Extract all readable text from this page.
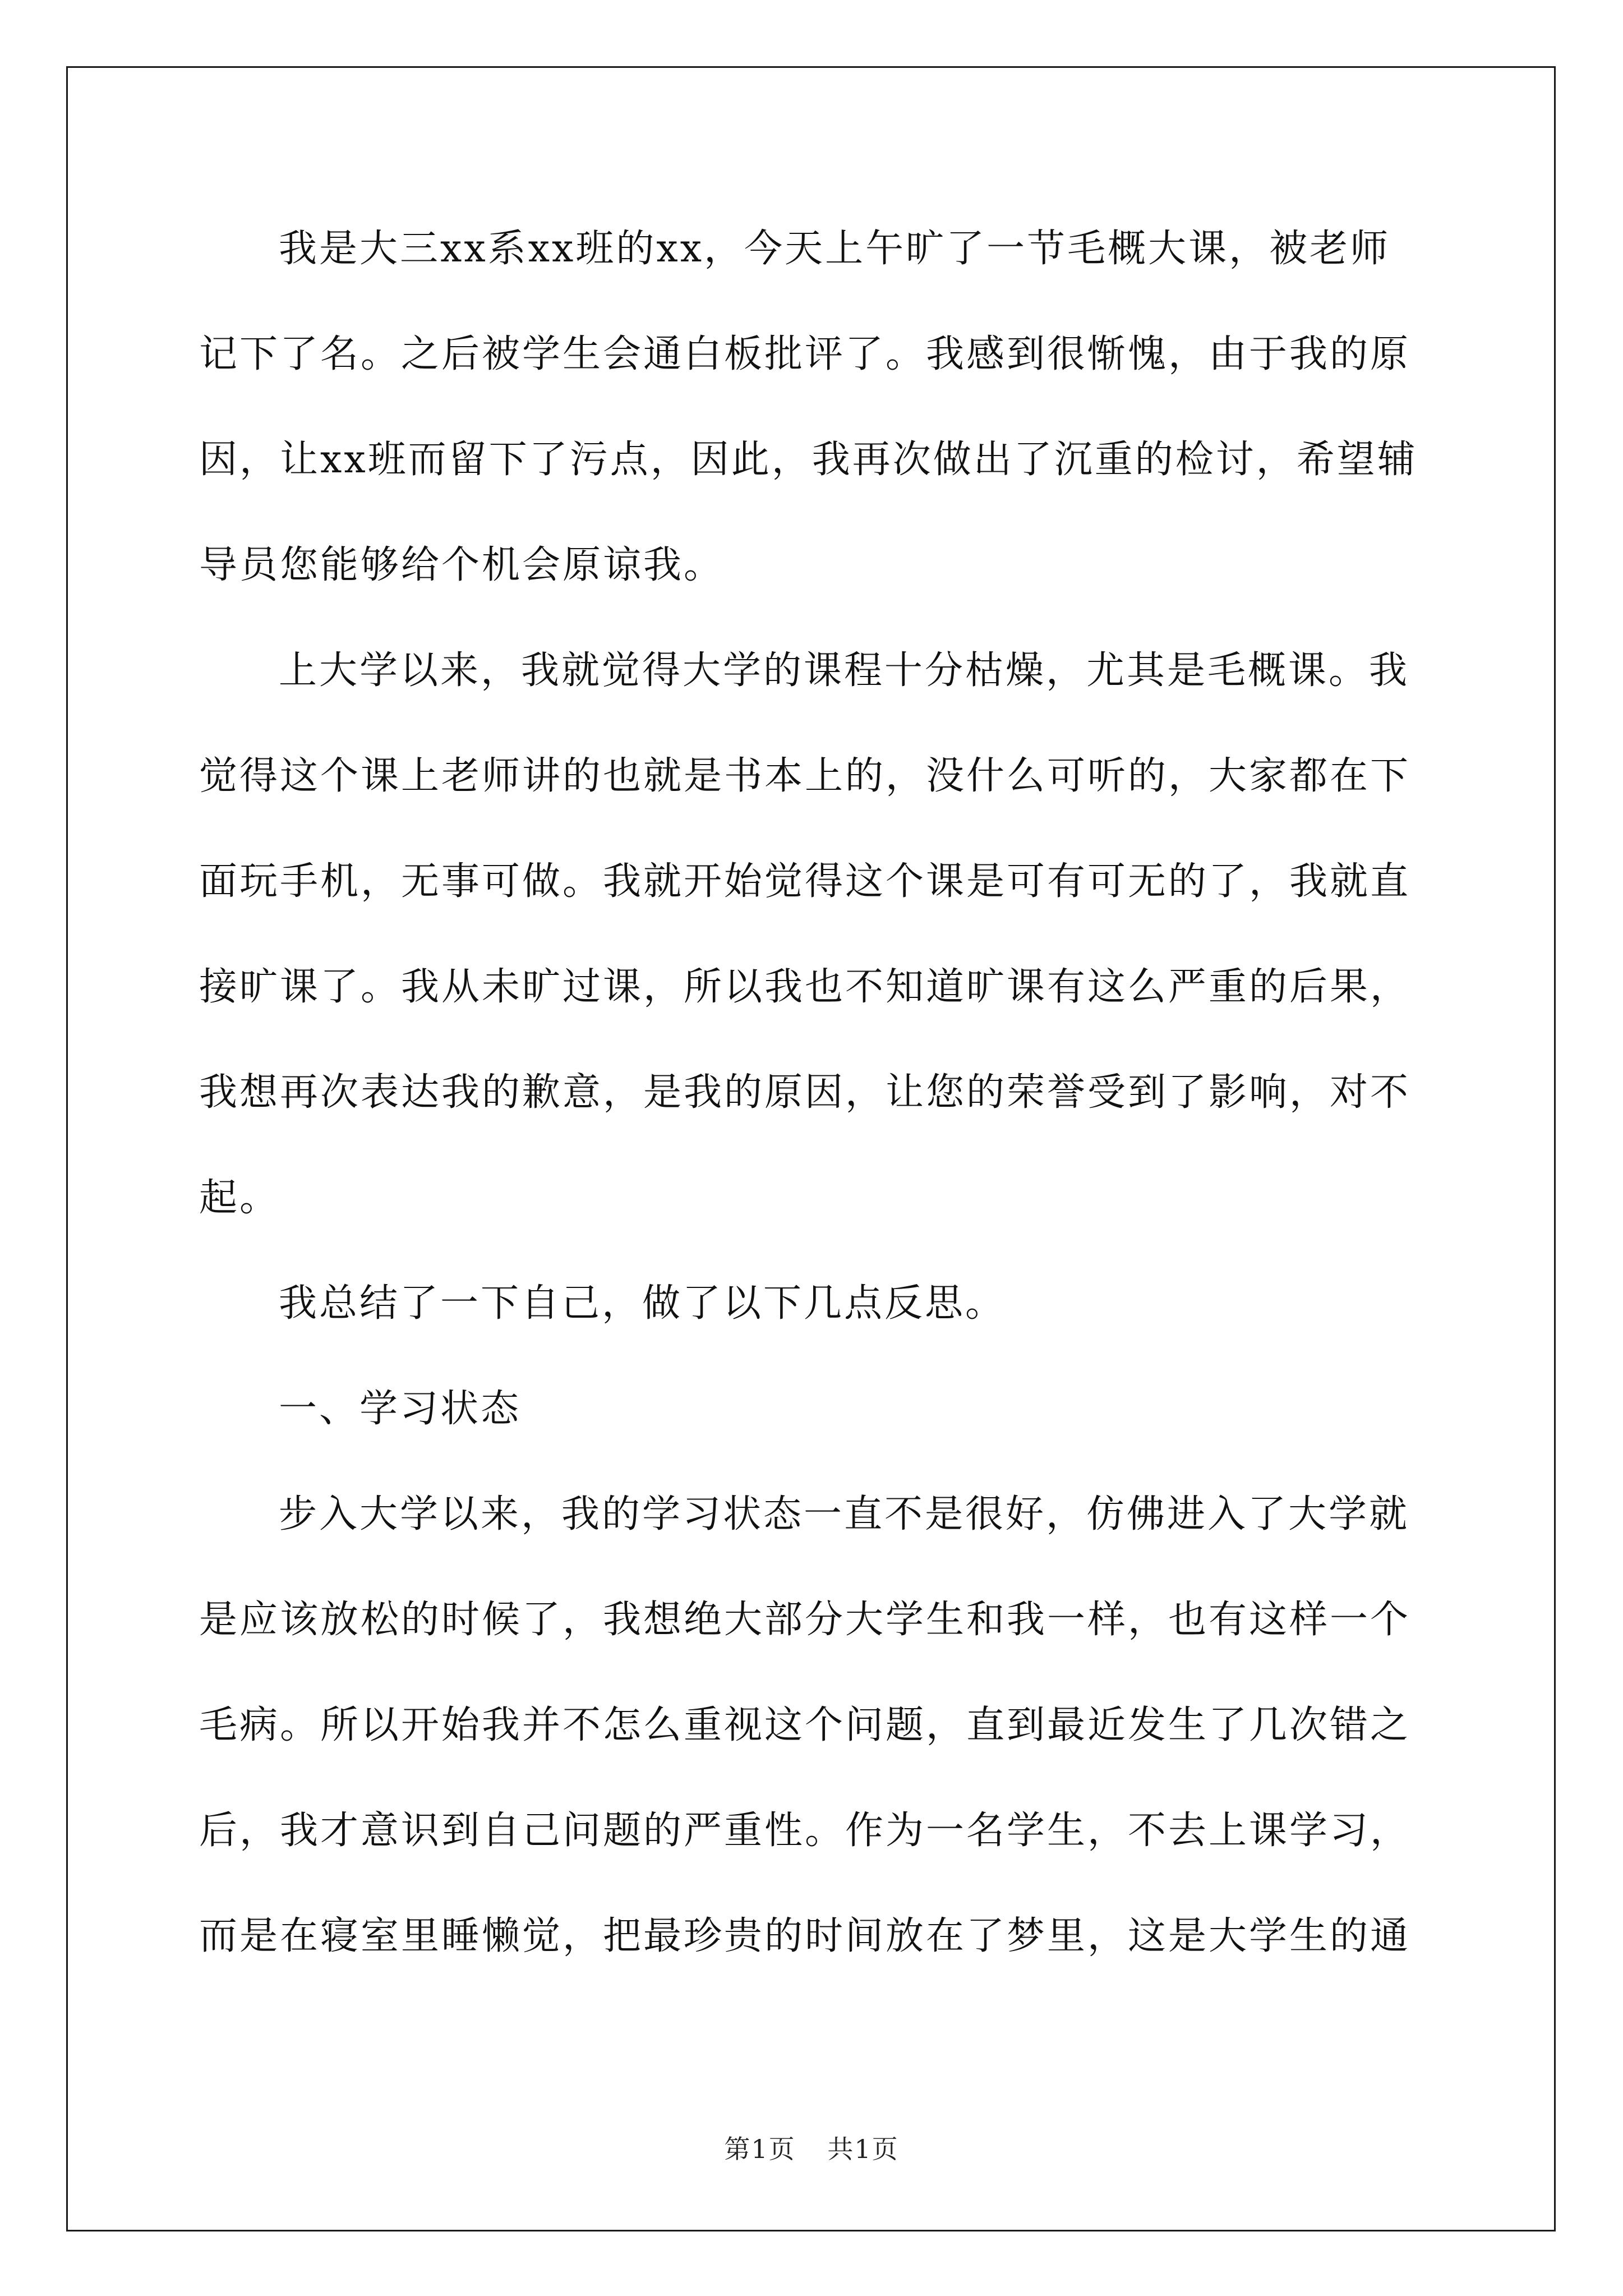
我是大三xx系xx班的xx，今天上午旷了一节毛概大课，被老师记下了名。之后被学生会通白板批评了。我感到很惭愧，由于我的原因，让xx班而留下了污点，因此，我再次做出了沉重的检讨，希望辅导员您能够给个机会原谅我。

上大学以来，我就觉得大学的课程十分枯燥，尤其是毛概课。我觉得这个课上老师讲的也就是书本上的，没什么可听的，大家都在下面玩手机，无事可做。我就开始觉得这个课是可有可无的了，我就直接旷课了。我从未旷过课，所以我也不知道旷课有这么严重的后果，我想再次表达我的歉意，是我的原因，让您的荣誉受到了影响，对不起。

我总结了一下自己，做了以下几点反思。

一、学习状态

步入大学以来，我的学习状态一直不是很好，仿佛进入了大学就是应该放松的时候了，我想绝大部分大学生和我一样，也有这样一个毛病。所以开始我并不怎么重视这个问题，直到最近发生了几次错之后，我才意识到自己问题的严重性。作为一名学生，不去上课学习，而是在寝室里睡懒觉，把最珍贵的时间放在了梦里，这是大学生的通

第1页 共1页
